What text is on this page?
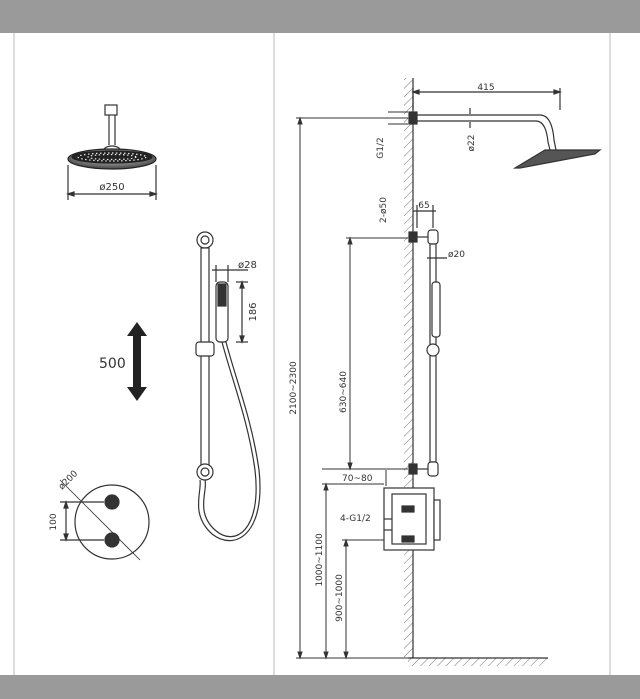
ø250
ø28
186
500
ø200
100
415
ø22
G1/2
65
ø20
2-ø50
2100~2300	630~640
1000~1100
900~1000
70~80
4-G1/2
